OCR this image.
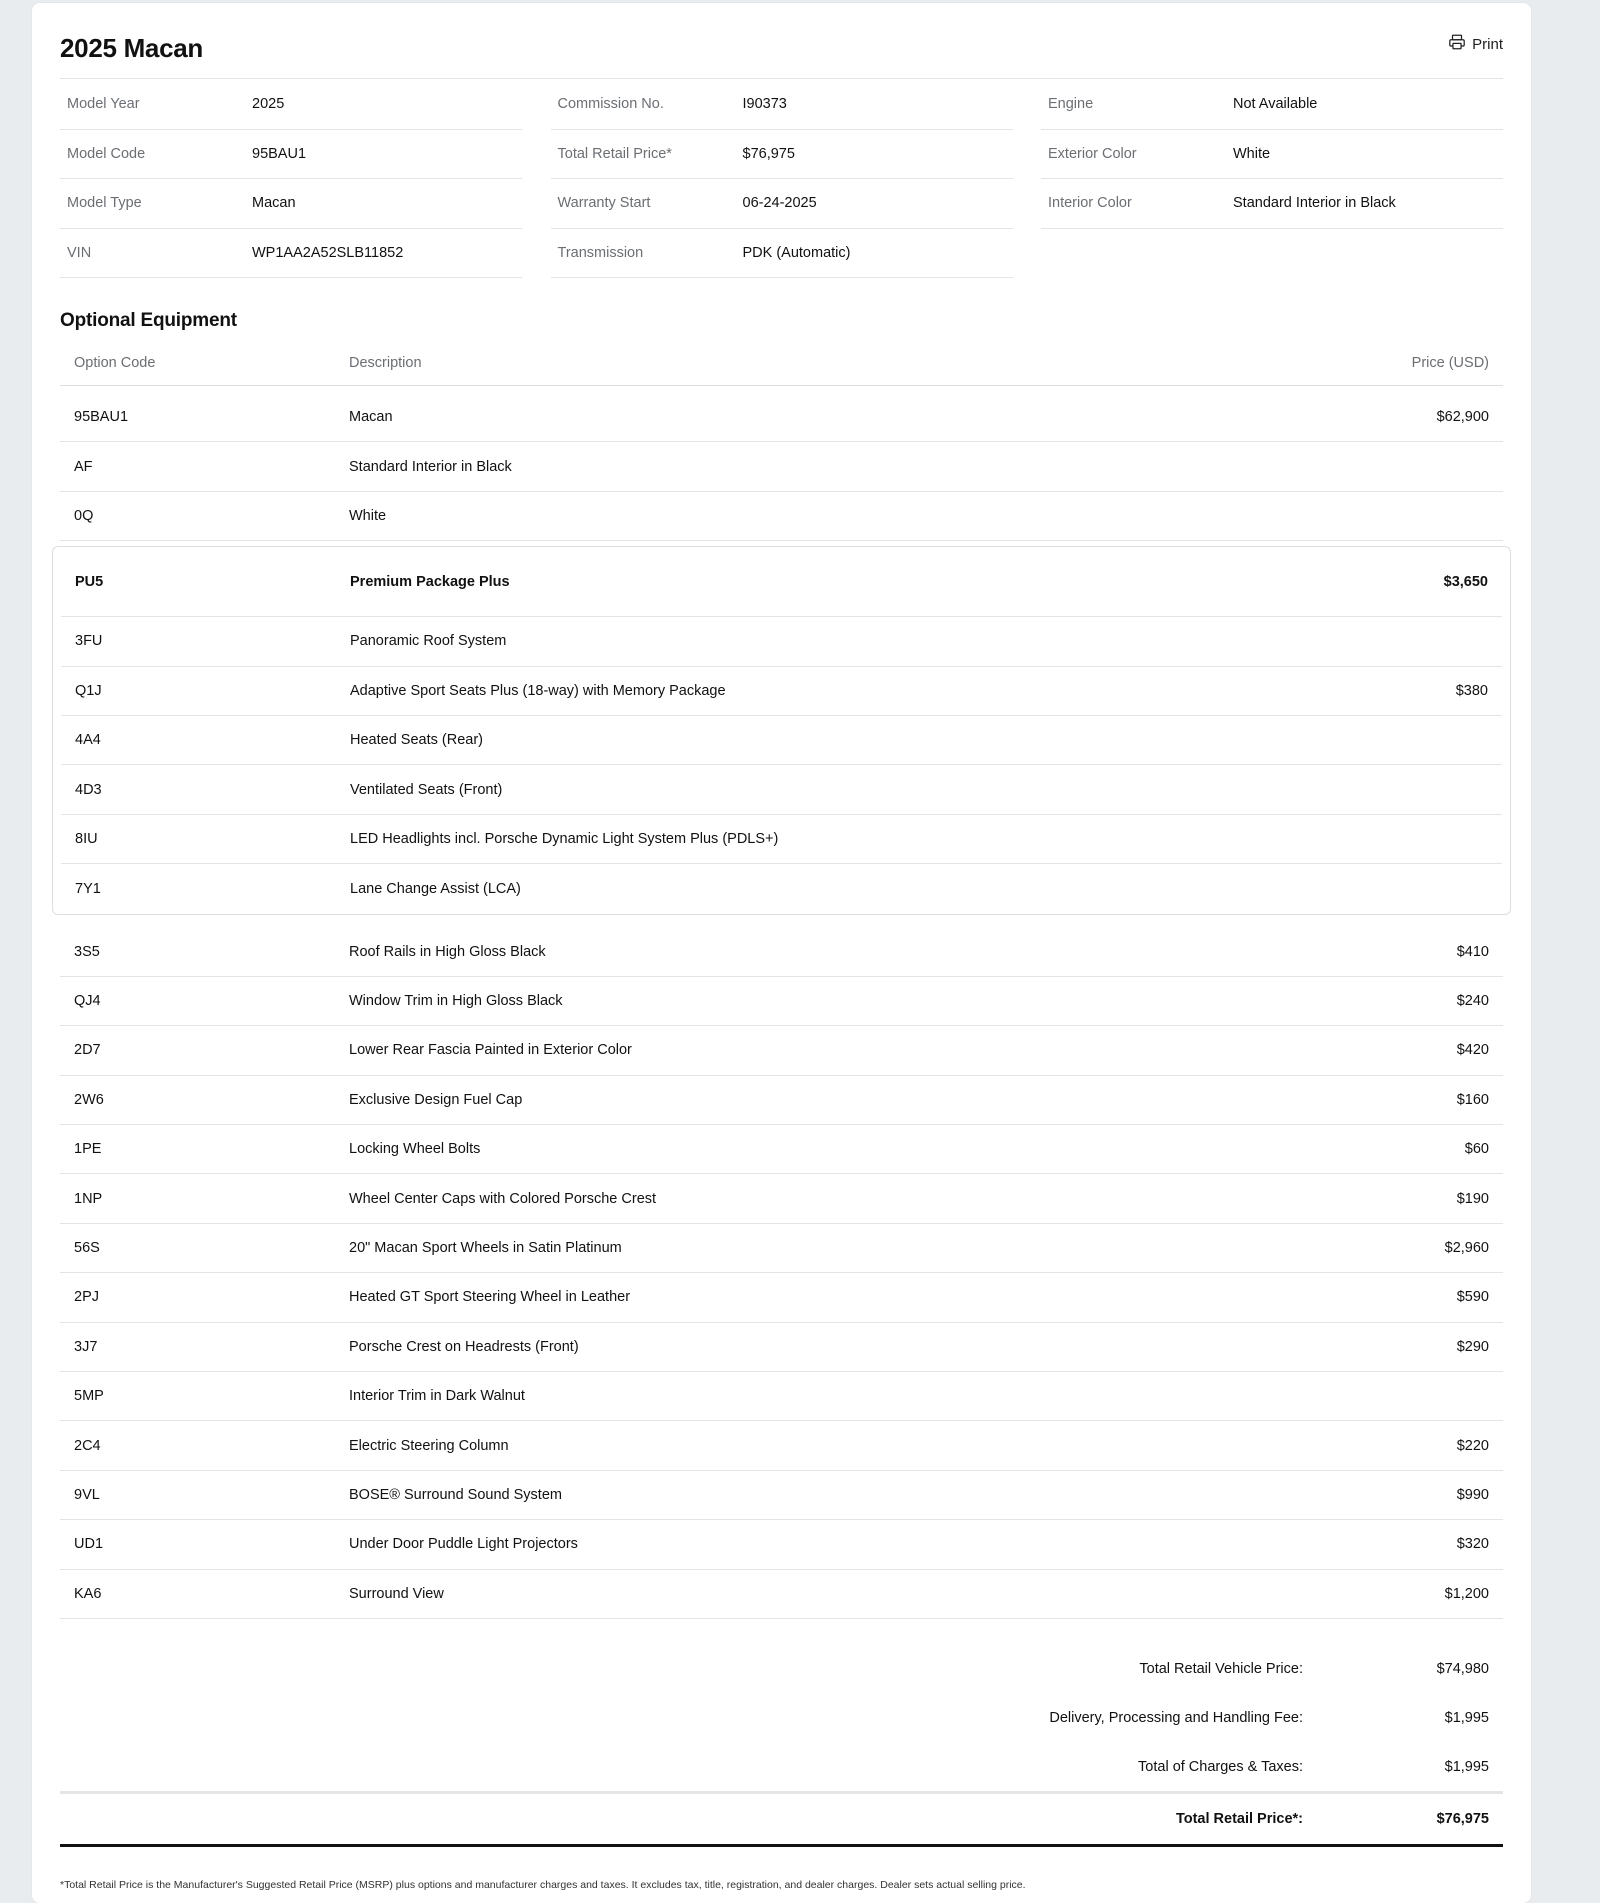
2025 Macan	Print
Model Year	2025
Model Code	95BAU1
Model Type	Macan
VIN	WP1AA2A52SLB11852
Commission No.	I90373
Total Retail Price*	$76,975
Warranty Start	06-24-2025
Transmission	PDK (Automatic)
Engine	Not Available
Exterior Color	White
Interior Color	Standard Interior in Black
Optional Equipment
Option Code	Description	Price (USD)
95BAU1	Macan	$62,900
AF	Standard Interior in Black
0Q	White
PU5	Premium Package Plus	$3,650
3FU	Panoramic Roof System
Q1J	Adaptive Sport Seats Plus (18-way) with Memory Package	$380
4A4	Heated Seats (Rear)
4D3	Ventilated Seats (Front)
8IU	LED Headlights incl. Porsche Dynamic Light System Plus (PDLS+)
7Y1	Lane Change Assist (LCA)
3S5	Roof Rails in High Gloss Black	$410
QJ4	Window Trim in High Gloss Black	$240
2D7	Lower Rear Fascia Painted in Exterior Color	$420
2W6	Exclusive Design Fuel Cap	$160
1PE	Locking Wheel Bolts	$60
1NP	Wheel Center Caps with Colored Porsche Crest	$190
56S	20" Macan Sport Wheels in Satin Platinum	$2,960
2PJ	Heated GT Sport Steering Wheel in Leather	$590
3J7	Porsche Crest on Headrests (Front)	$290
5MP	Interior Trim in Dark Walnut
2C4	Electric Steering Column	$220
9VL	BOSE® Surround Sound System	$990
UD1	Under Door Puddle Light Projectors	$320
KA6	Surround View	$1,200
Total Retail Vehicle Price:	$74,980
Delivery, Processing and Handling Fee:	$1,995
Total of Charges & Taxes:	$1,995
Total Retail Price*:	$76,975
*Total Retail Price is the Manufacturer's Suggested Retail Price (MSRP) plus options and manufacturer charges and taxes. It excludes tax, title, registration, and dealer charges. Dealer sets actual selling price.
